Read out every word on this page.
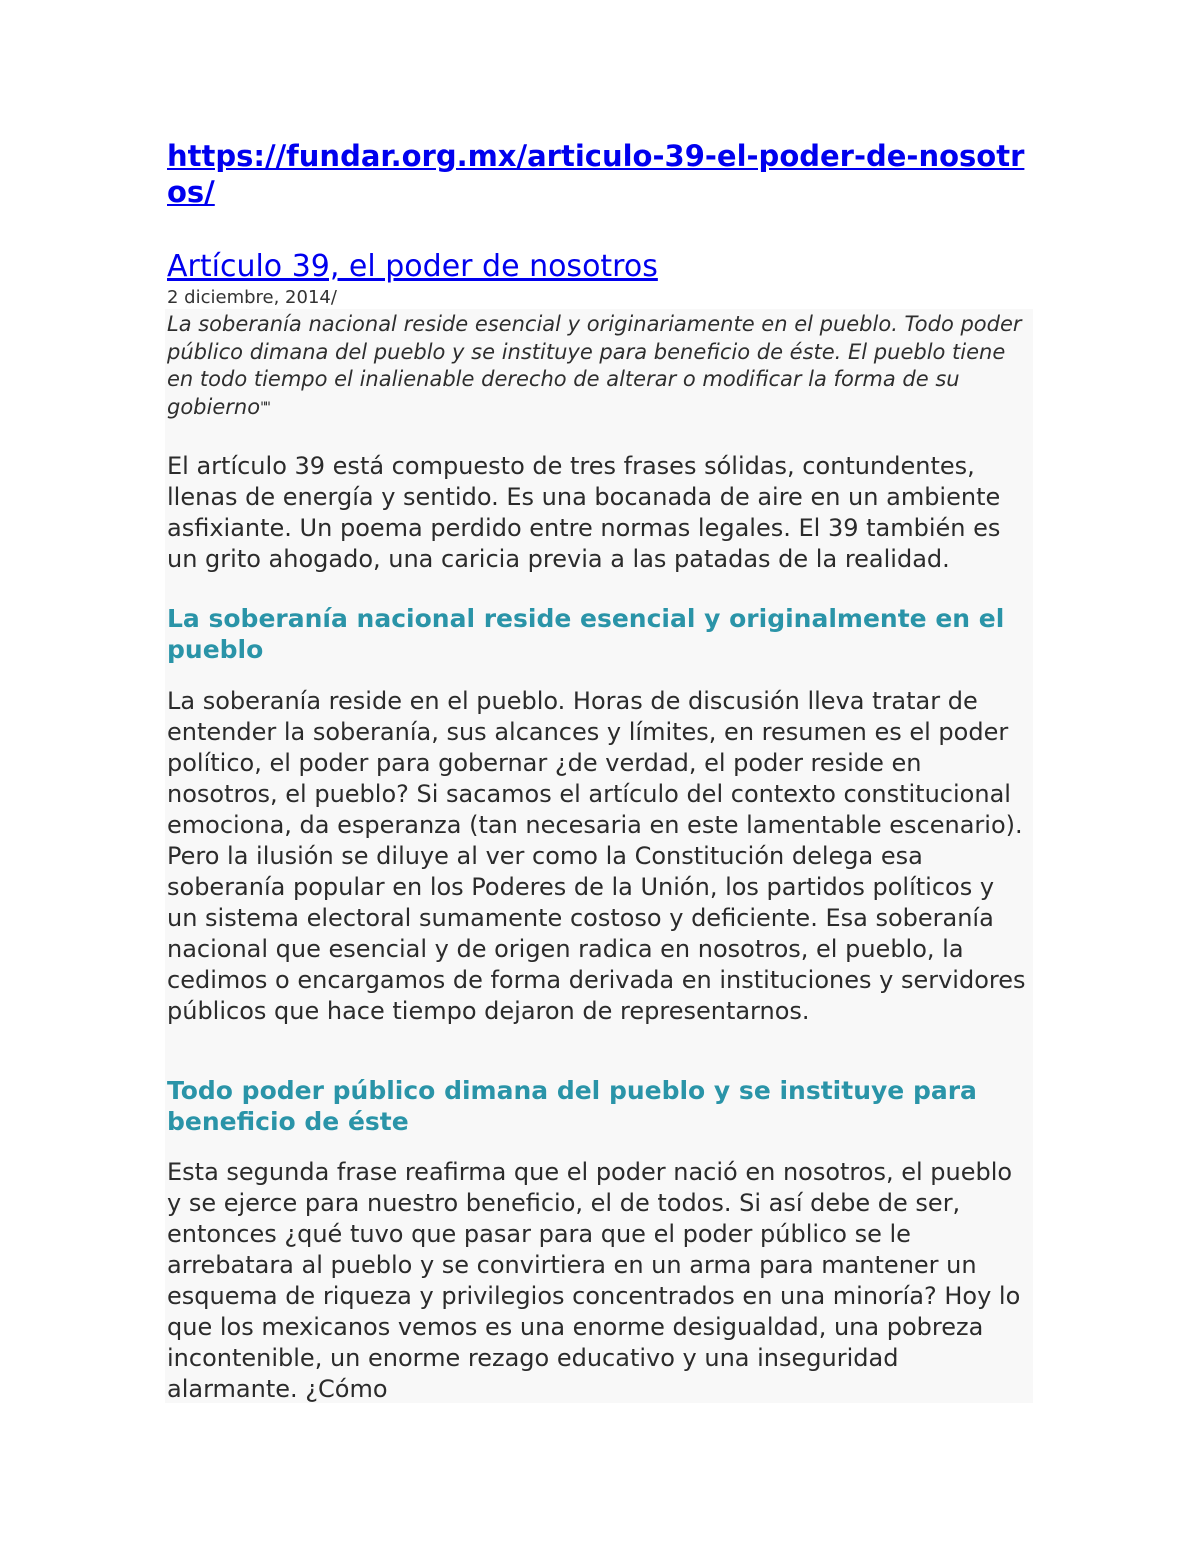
https://fundar.org.mx/articulo-39-el-poder-de-nosotros/
Artículo 39, el poder de nosotros
2 diciembre, 2014/

La soberanía nacional reside esencial y originariamente en el pueblo. Todo poder público dimana del pueblo y se instituye para beneficio de éste. El pueblo tiene en todo tiempo el inalienable derecho de alterar o modificar la forma de su gobierno""

El artículo 39 está compuesto de tres frases sólidas, contundentes, llenas de energía y sentido. Es una bocanada de aire en un ambiente asfixiante. Un poema perdido entre normas legales. El 39 también es un grito ahogado, una caricia previa a las patadas de la realidad.

La soberanía nacional reside esencial y originalmente en el pueblo

La soberanía reside en el pueblo. Horas de discusión lleva tratar de entender la soberanía, sus alcances y límites, en resumen es el poder político, el poder para gobernar ¿de verdad, el poder reside en nosotros, el pueblo? Si sacamos el artículo del contexto constitucional emociona, da esperanza (tan necesaria en este lamentable escenario). Pero la ilusión se diluye al ver como la Constitución delega esa soberanía popular en los Poderes de la Unión, los partidos políticos y un sistema electoral sumamente costoso y deficiente. Esa soberanía nacional que esencial y de origen radica en nosotros, el pueblo, la cedimos o encargamos de forma derivada en instituciones y servidores públicos que hace tiempo dejaron de representarnos.

Todo poder público dimana del pueblo y se instituye para beneficio de éste

Esta segunda frase reafirma que el poder nació en nosotros, el pueblo y se ejerce para nuestro beneficio, el de todos. Si así debe de ser, entonces ¿qué tuvo que pasar para que el poder público se le arrebatara al pueblo y se convirtiera en un arma para mantener un esquema de riqueza y privilegios concentrados en una minoría? Hoy lo que los mexicanos vemos es una enorme desigualdad, una pobreza incontenible, un enorme rezago educativo y una inseguridad alarmante. ¿Cómo
